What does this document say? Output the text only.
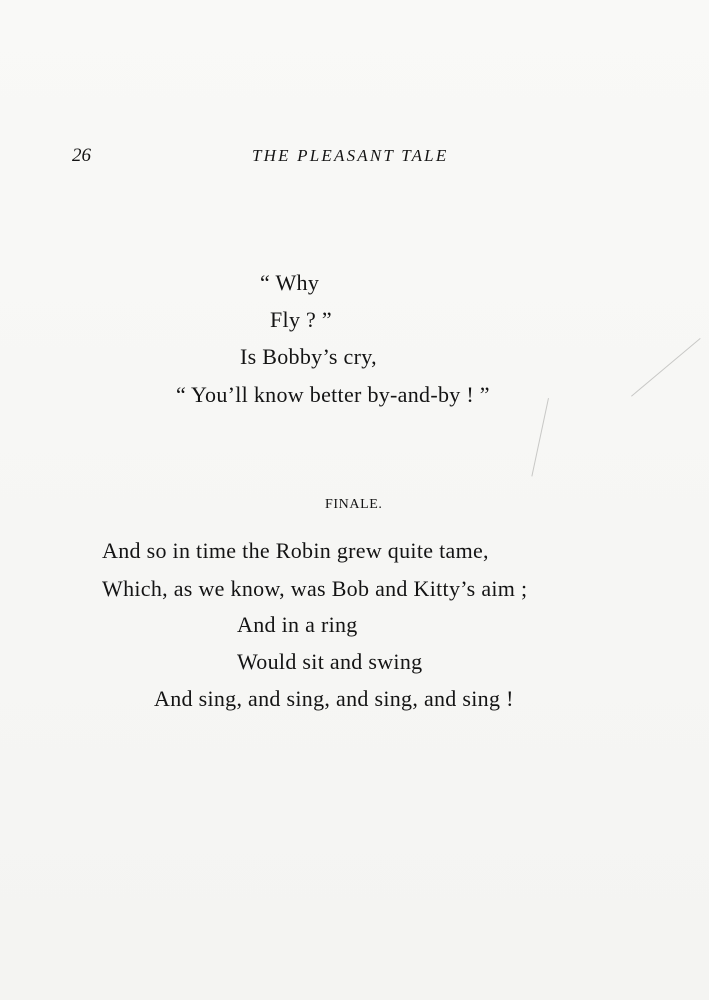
26	THE PLEASANT TALE
“ Why
Fly ? ”
Is Bobby’s cry,
“ You’ll know better by-and-by ! ”
FINALE.
And so in time the Robin grew quite tame,
Which, as we know, was Bob and Kitty’s aim ;
And in a ring
Would sit and swing
And sing, and sing, and sing, and sing !
